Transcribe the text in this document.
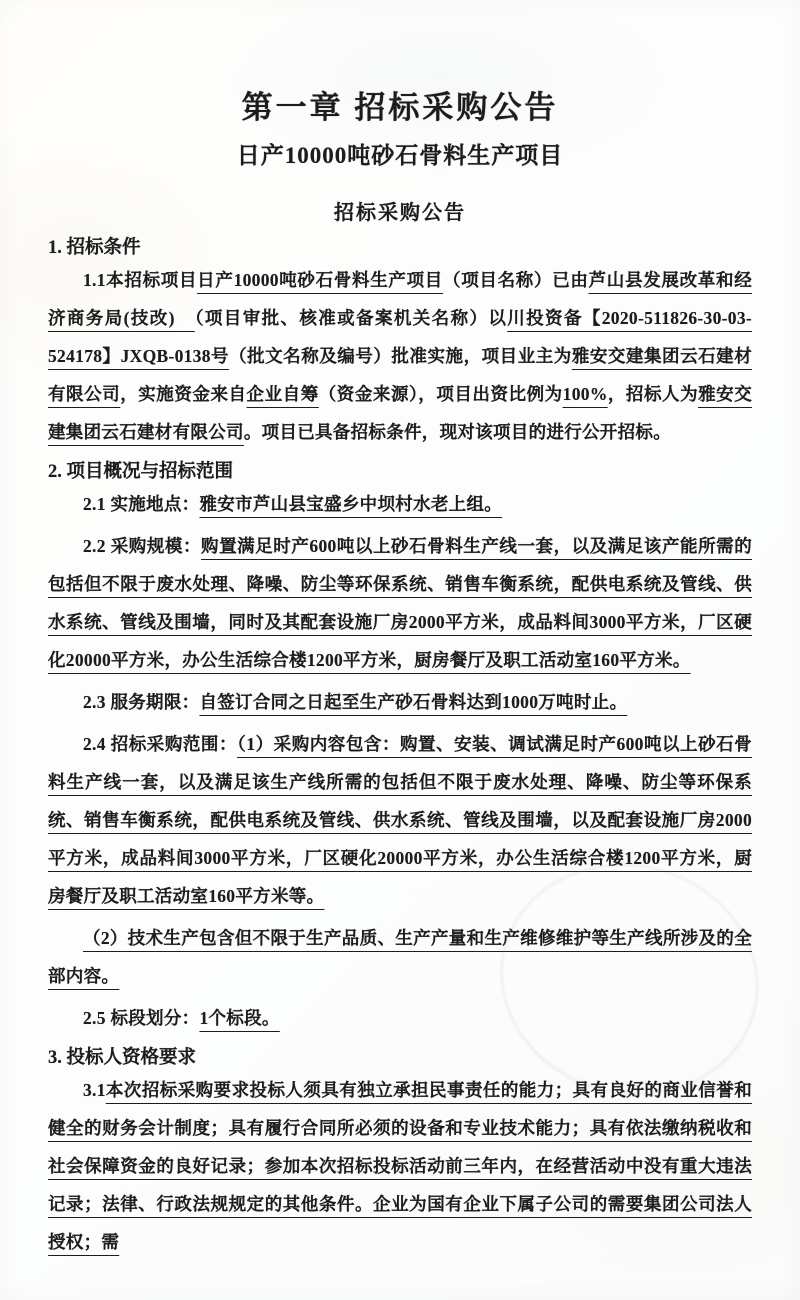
第一章 招标采购公告
日产10000吨砂石骨料生产项目
招标采购公告
1. 招标条件

1.1本招标项目日产10000吨砂石骨料生产项目（项目名称）已由芦山县发展改革和经济商务局(技改)　（项目审批、核准或备案机关名称）以川投资备【2020-511826-30-03-524178】JXQB-0138号（批文名称及编号）批准实施，项目业主为雅安交建集团云石建材有限公司，实施资金来自企业自筹（资金来源），项目出资比例为100%，招标人为雅安交建集团云石建材有限公司。项目已具备招标条件，现对该项目的进行公开招标。

2. 项目概况与招标范围

2.1 实施地点：雅安市芦山县宝盛乡中坝村水老上组。

2.2 采购规模：购置满足时产600吨以上砂石骨料生产线一套，以及满足该产能所需的包括但不限于废水处理、降噪、防尘等环保系统、销售车衡系统，配供电系统及管线、供水系统、管线及围墙，同时及其配套设施厂房2000平方米，成品料间3000平方米，厂区硬化20000平方米，办公生活综合楼1200平方米，厨房餐厅及职工活动室160平方米。

2.3 服务期限：自签订合同之日起至生产砂石骨料达到1000万吨时止。

2.4 招标采购范围：（1）采购内容包含：购置、安装、调试满足时产600吨以上砂石骨料生产线一套，以及满足该生产线所需的包括但不限于废水处理、降噪、防尘等环保系统、销售车衡系统，配供电系统及管线、供水系统、管线及围墙，以及配套设施厂房2000平方米，成品料间3000平方米，厂区硬化20000平方米，办公生活综合楼1200平方米，厨房餐厅及职工活动室160平方米等。

（2）技术生产包含但不限于生产品质、生产产量和生产维修维护等生产线所涉及的全部内容。

2.5 标段划分：1个标段。

3. 投标人资格要求

3.1本次招标采购要求投标人须具有独立承担民事责任的能力；具有良好的商业信誉和健全的财务会计制度；具有履行合同所必须的设备和专业技术能力；具有依法缴纳税收和社会保障资金的良好记录；参加本次招标投标活动前三年内，在经营活动中没有重大违法记录；法律、行政法规规定的其他条件。企业为国有企业下属子公司的需要集团公司法人授权；需
